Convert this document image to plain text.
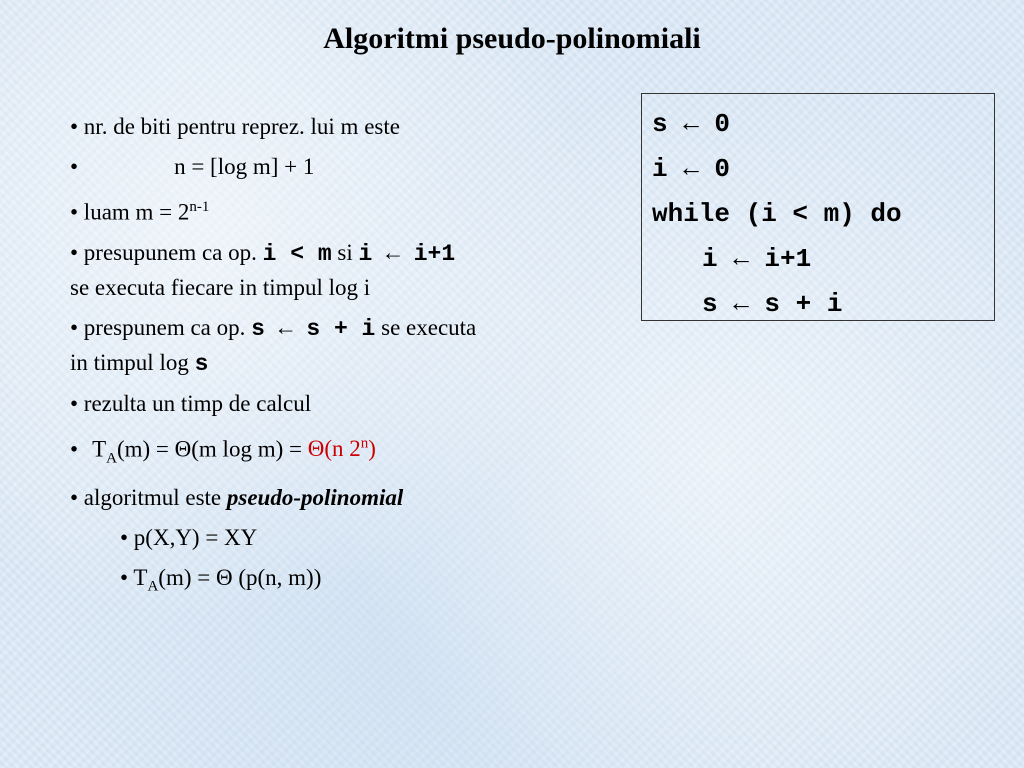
Algoritmi pseudo-polinomiali
• nr. de biti pentru reprez. lui m este
•	n = [log m] + 1
• luam $m = 2^{n-1}$
• presupunem ca op. i < m si i ← i+1
se executa fiecare in timpul log i
• prespunem ca op. s ← s + i se executa
in timpul log s
• rezulta un timp de calcul
• $T_A(m) = \Theta(m$ log m) = Θ(n 2$^n$)
• algoritmul este pseudo-polinomial
• p(X,Y) = XY
• $T_A(m) = \Theta$ (p(n, m))
s ← 0
i ← 0
while (i < m) do
i ← i+1
s ← s + i
